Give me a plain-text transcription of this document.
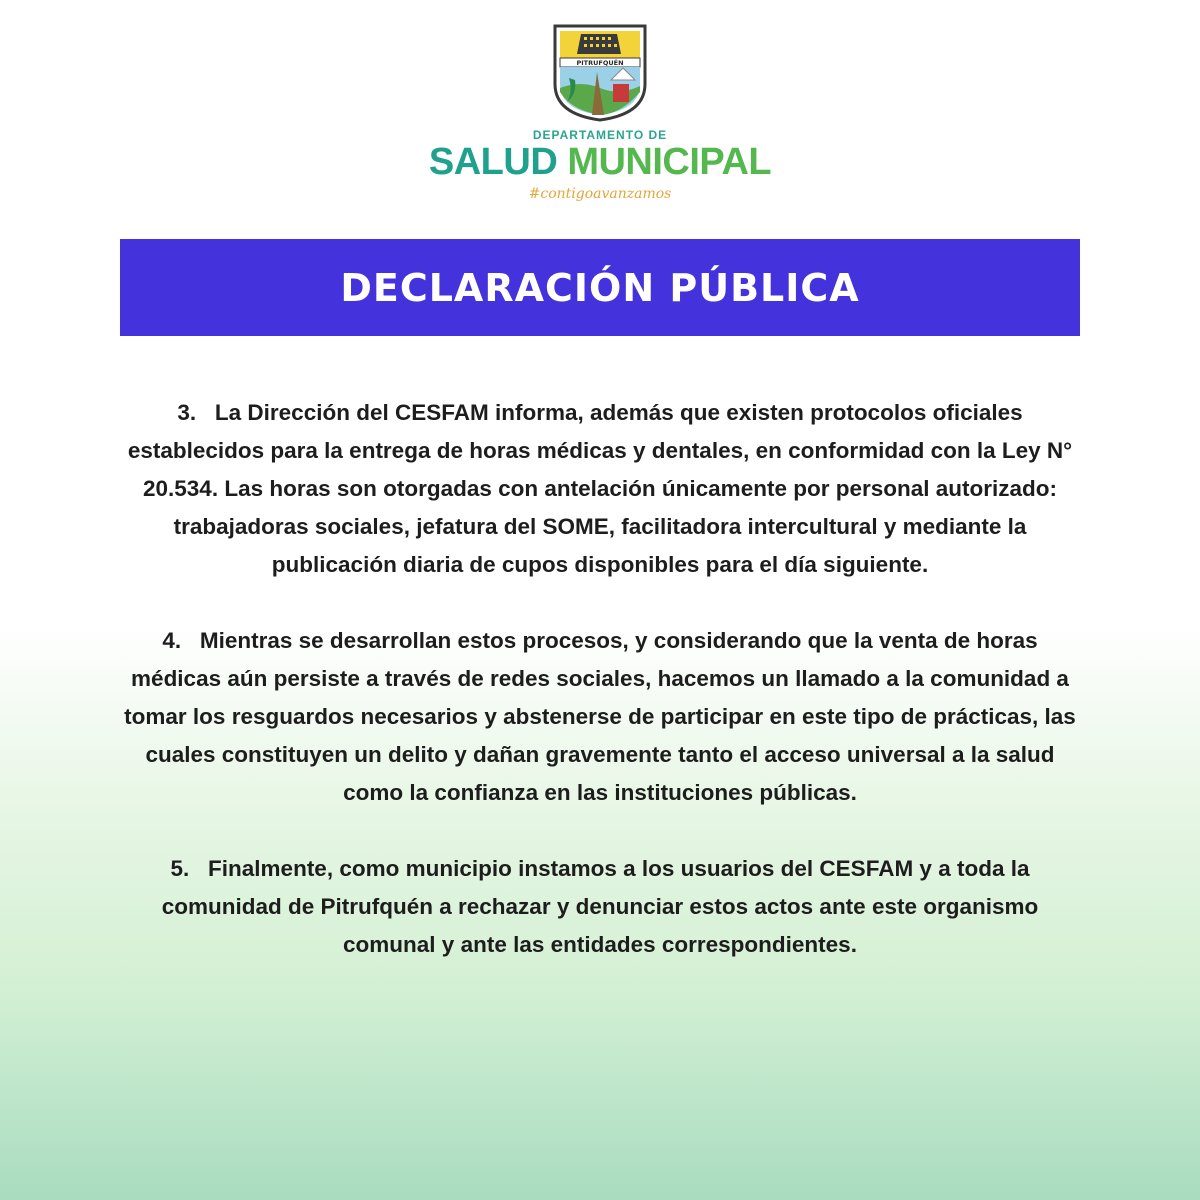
PITRUFQUÉN
DEPARTAMENTO DE
SALUD MUNICIPAL
#contigoavanzamos
DECLARACIÓN PÚBLICA

3. La Dirección del CESFAM informa, además que existen protocolos oficiales establecidos para la entrega de horas médicas y dentales, en conformidad con la Ley N° 20.534. Las horas son otorgadas con antelación únicamente por personal autorizado: trabajadoras sociales, jefatura del SOME, facilitadora intercultural y mediante la publicación diaria de cupos disponibles para el día siguiente.

4. Mientras se desarrollan estos procesos, y considerando que la venta de horas médicas aún persiste a través de redes sociales, hacemos un llamado a la comunidad a tomar los resguardos necesarios y abstenerse de participar en este tipo de prácticas, las cuales constituyen un delito y dañan gravemente tanto el acceso universal a la salud como la confianza en las instituciones públicas.

5. Finalmente, como municipio instamos a los usuarios del CESFAM y a toda la comunidad de Pitrufquén a rechazar y denunciar estos actos ante este organismo comunal y ante las entidades correspondientes.
